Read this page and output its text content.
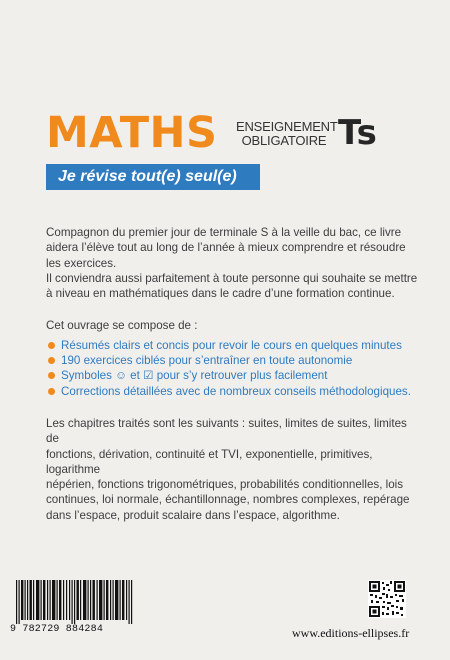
MATHS ENSEIGNEMENT
OBLIGATOIRE Ts
Je révise tout(e) seul(e)

Compagnon du premier jour de terminale S à la veille du bac, ce livre

aidera l’élève tout au long de l’année à mieux comprendre et résoudre

les exercices.

Il conviendra aussi parfaitement à toute personne qui souhaite se mettre

à niveau en mathématiques dans le cadre d’une formation continue.

Cet ouvrage se compose de :

Résumés clairs et concis pour revoir le cours en quelques minutes
190 exercices ciblés pour s’entraîner en toute autonomie
Symboles ☺ et ☑ pour s’y retrouver plus facilement
Corrections détaillées avec de nombreux conseils méthodologiques.

Les chapitres traités sont les suivants : suites, limites de suites, limites de

fonctions, dérivation, continuité et TVI, exponentielle, primitives, logarithme

népérien, fonctions trigonométriques, probabilités conditionnelles, lois

continues, loi normale, échantillonnage, nombres complexes, repérage

dans l’espace, produit scalaire dans l’espace, algorithme.

9 782729 884284	www.editions-ellipses.fr
